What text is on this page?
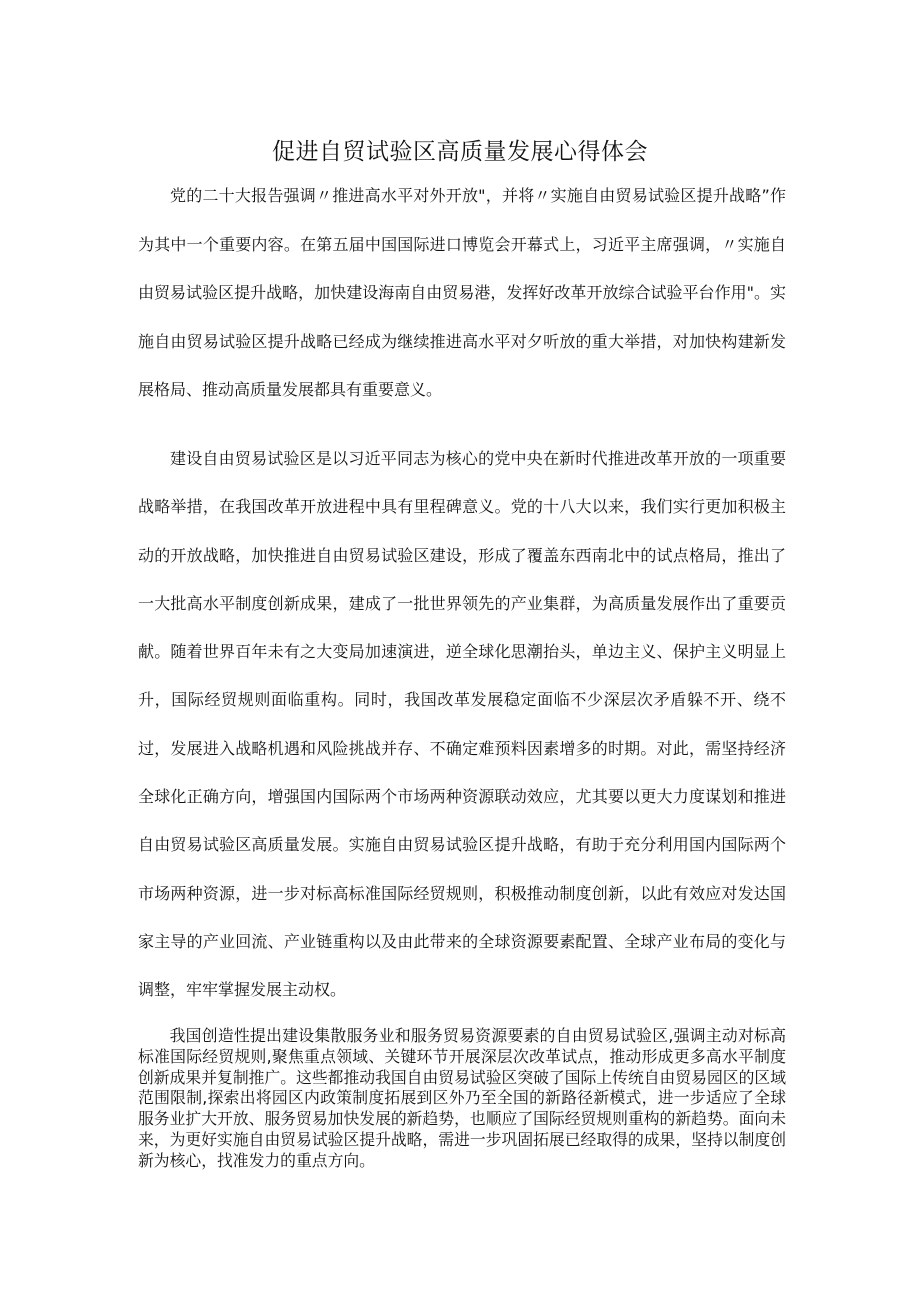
促进自贸试验区高质量发展心得体会

党的二十大报告强调〃推进高水平对外开放"，并将〃实施自由贸易试验区提升战略”作为其中一个重要内容。在第五届中国国际进口博览会开幕式上，习近平主席强调，〃实施自由贸易试验区提升战略，加快建设海南自由贸易港，发挥好改革开放综合试验平台作用"。实施自由贸易试验区提升战略已经成为继续推进高水平对夕听放的重大举措，对加快构建新发展格局、推动高质量发展都具有重要意义。

建设自由贸易试验区是以习近平同志为核心的党中央在新时代推进改革开放的一项重要战略举措，在我国改革开放进程中具有里程碑意义。党的十八大以来，我们实行更加积极主动的开放战略，加快推进自由贸易试验区建设，形成了覆盖东西南北中的试点格局，推出了一大批高水平制度创新成果，建成了一批世界领先的产业集群，为高质量发展作出了重要贡献。随着世界百年未有之大变局加速演进，逆全球化思潮抬头，单边主义、保护主义明显上升，国际经贸规则面临重构。同时，我国改革发展稳定面临不少深层次矛盾躲不开、绕不过，发展进入战略机遇和风险挑战并存、不确定难预料因素增多的时期。对此，需坚持经济全球化正确方向，增强国内国际两个市场两种资源联动效应，尤其要以更大力度谋划和推进自由贸易试验区高质量发展。实施自由贸易试验区提升战略，有助于充分利用国内国际两个市场两种资源，进一步对标高标准国际经贸规则，积极推动制度创新，以此有效应对发达国家主导的产业回流、产业链重构以及由此带来的全球资源要素配置、全球产业布局的变化与调整，牢牢掌握发展主动权。

我国创造性提出建设集散服务业和服务贸易资源要素的自由贸易试验区,强调主动对标高标准国际经贸规则,聚焦重点领域、关键环节开展深层次改革试点，推动形成更多高水平制度创新成果并复制推广。这些都推动我国自由贸易试验区突破了国际上传统自由贸易园区的区域范围限制,探索出将园区内政策制度拓展到区外乃至全国的新路径新模式，进一步适应了全球服务业扩大开放、服务贸易加快发展的新趋势，也顺应了国际经贸规则重构的新趋势。面向未来，为更好实施自由贸易试验区提升战略，需进一步巩固拓展已经取得的成果，坚持以制度创新为核心，找准发力的重点方向。
